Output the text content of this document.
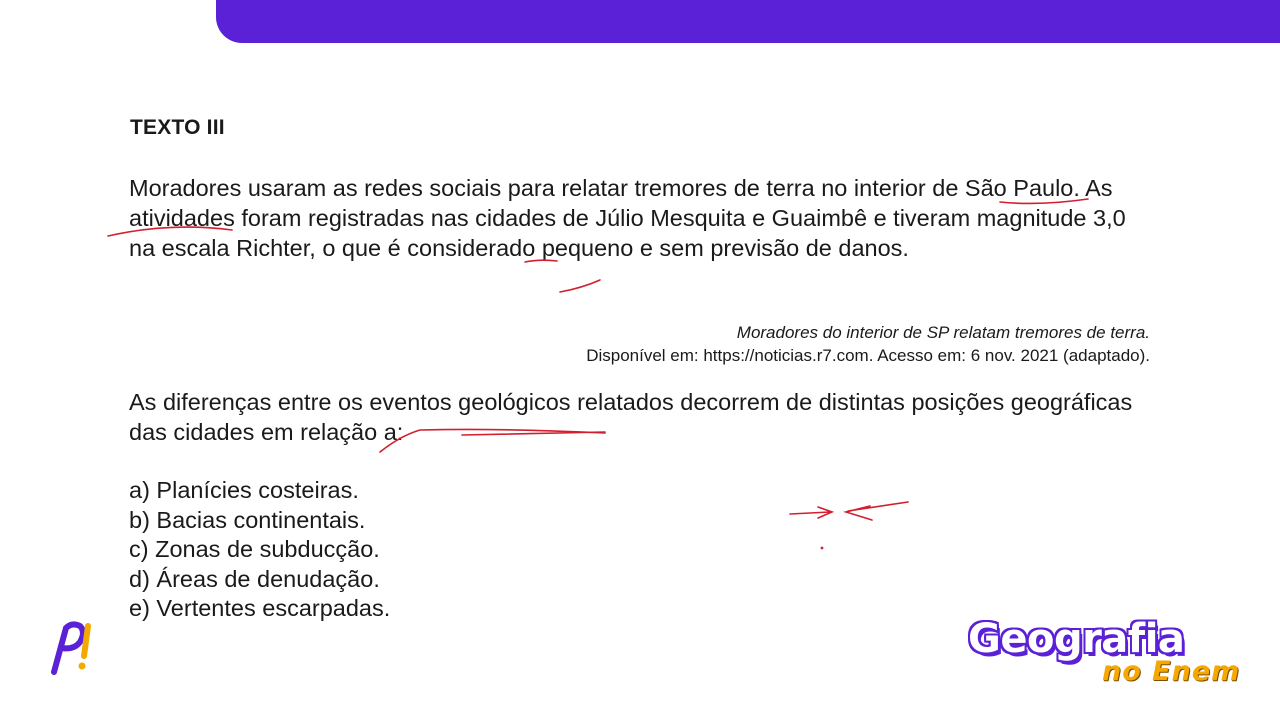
TEXTO III

Moradores usaram as redes sociais para relatar tremores de terra no interior de São Paulo. As atividades foram registradas nas cidades de Júlio Mesquita e Guaimbê e tiveram magnitude 3,0 na escala Richter, o que é considerado pequeno e sem previsão de danos.

Moradores do interior de SP relatam tremores de terra.
Disponível em: https://noticias.r7.com. Acesso em: 6 nov. 2021 (adaptado).

As diferenças entre os eventos geológicos relatados decorrem de distintas posições geográficas das cidades em relação a:

a) Planícies costeiras.
b) Bacias continentais.
c) Zonas de subducção.
d) Áreas de denudação.
e) Vertentes escarpadas.
Geografia
no Enem
